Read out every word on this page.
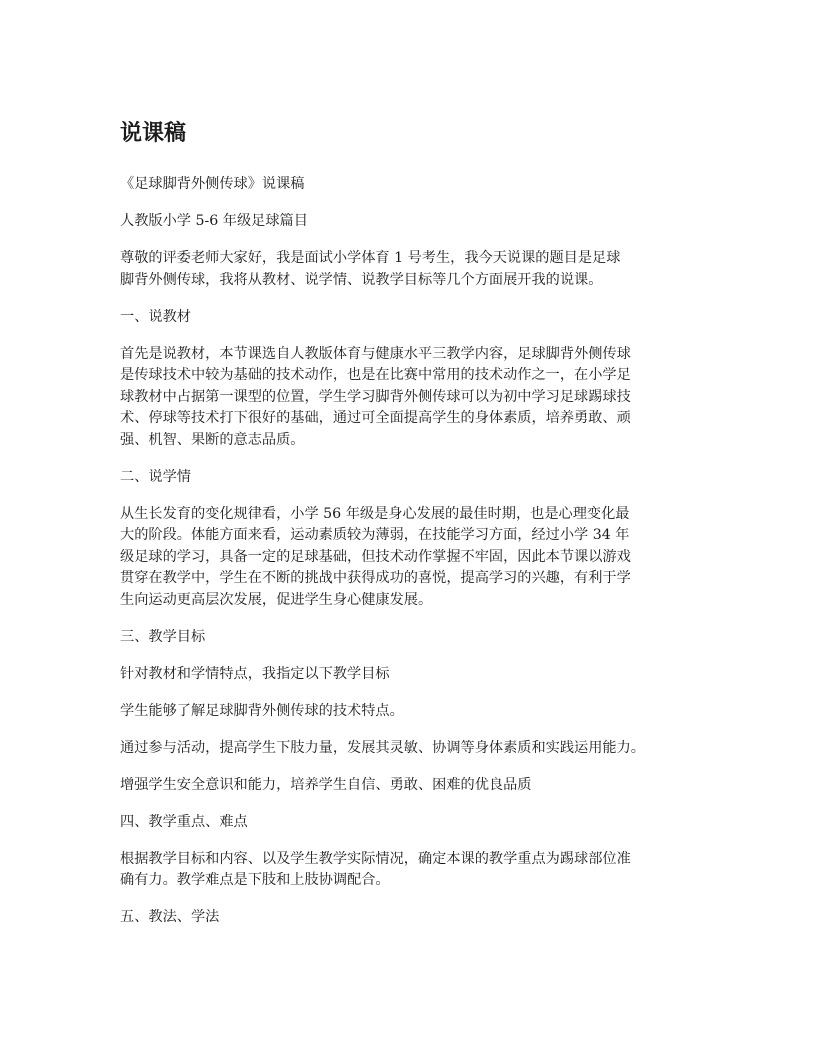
说课稿

《足球脚背外侧传球》说课稿

人教版小学 5-6 年级足球篇目

尊敬的评委老师大家好，我是面试小学体育 1 号考生，我今天说课的题目是足球
脚背外侧传球，我将从教材、说学情、说教学目标等几个方面展开我的说课。

一、说教材

首先是说教材，本节课选自人教版体育与健康水平三教学内容，足球脚背外侧传球
是传球技术中较为基础的技术动作，也是在比赛中常用的技术动作之一，在小学足
球教材中占据第一课型的位置，学生学习脚背外侧传球可以为初中学习足球踢球技
术、停球等技术打下很好的基础，通过可全面提高学生的身体素质，培养勇敢、顽
强、机智、果断的意志品质。

二、说学情

从生长发育的变化规律看，小学 56 年级是身心发展的最佳时期，也是心理变化最
大的阶段。体能方面来看，运动素质较为薄弱，在技能学习方面，经过小学 34 年
级足球的学习，具备一定的足球基础，但技术动作掌握不牢固，因此本节课以游戏
贯穿在教学中，学生在不断的挑战中获得成功的喜悦，提高学习的兴趣，有利于学
生向运动更高层次发展，促进学生身心健康发展。

三、教学目标

针对教材和学情特点，我指定以下教学目标

学生能够了解足球脚背外侧传球的技术特点。

通过参与活动，提高学生下肢力量，发展其灵敏、协调等身体素质和实践运用能力。

增强学生安全意识和能力，培养学生自信、勇敢、困难的优良品质

四、教学重点、难点

根据教学目标和内容、以及学生教学实际情况，确定本课的教学重点为踢球部位准
确有力。教学难点是下肢和上肢协调配合。

五、教法、学法
